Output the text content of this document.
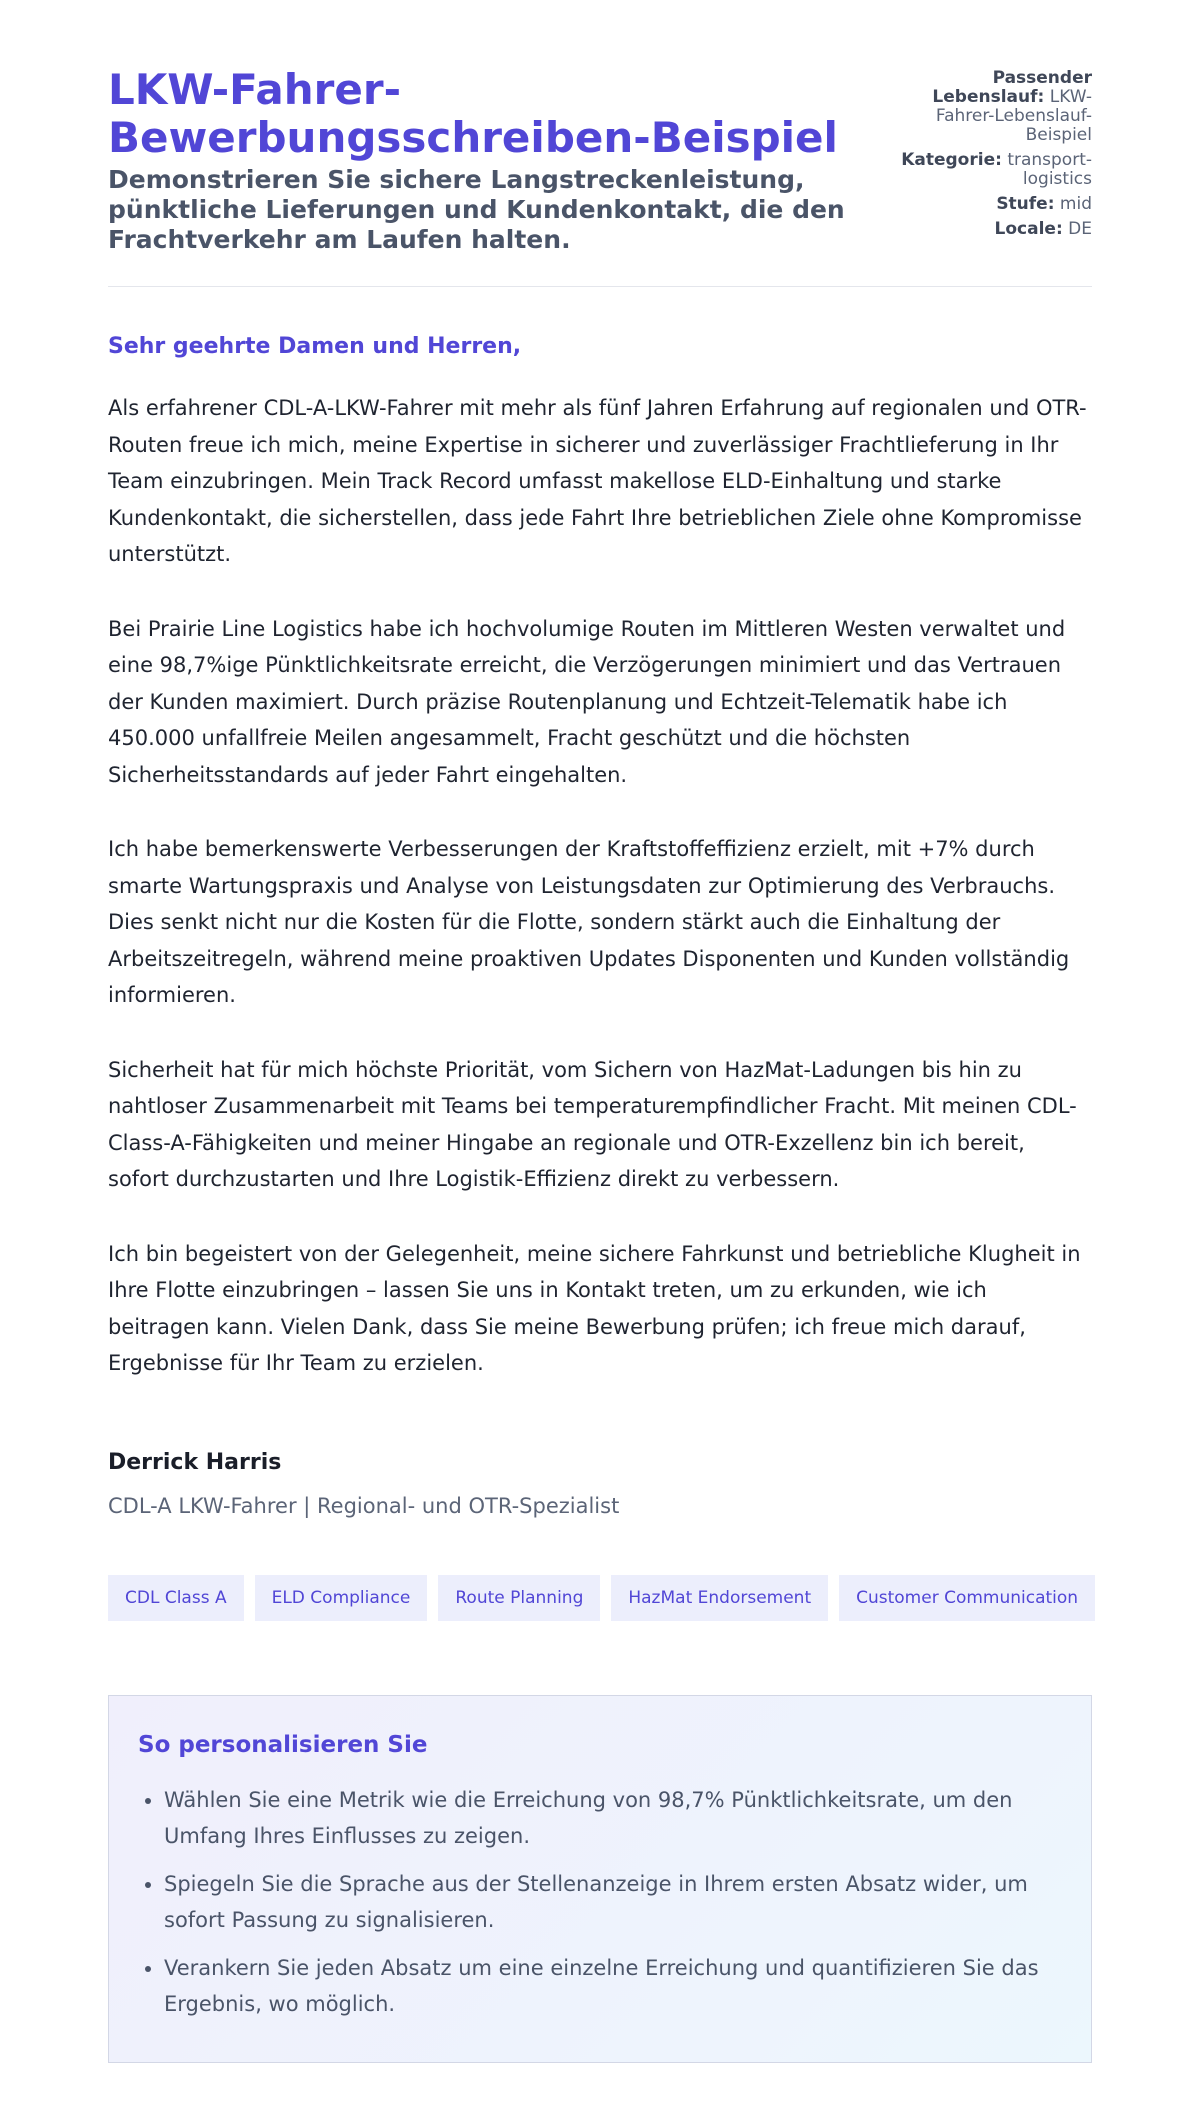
LKW-Fahrer-Bewerbungsschreiben-Beispiel
Demonstrieren Sie sichere Langstreckenleistung, pünktliche Lieferungen und Kundenkontakt, die den Frachtverkehr am Laufen halten.
Passender Lebenslauf: LKW-Fahrer-Lebenslauf-Beispiel
Kategorie: transport-logistics
Stufe: mid
Locale: DE

Sehr geehrte Damen und Herren,

Als erfahrener CDL-A-LKW-Fahrer mit mehr als fünf Jahren Erfahrung auf regionalen und OTR-Routen freue ich mich, meine Expertise in sicherer und zuverlässiger Frachtlieferung in Ihr Team einzubringen. Mein Track Record umfasst makellose ELD-Einhaltung und starke Kundenkontakt, die sicherstellen, dass jede Fahrt Ihre betrieblichen Ziele ohne Kompromisse unterstützt.

Bei Prairie Line Logistics habe ich hochvolumige Routen im Mittleren Westen verwaltet und eine 98,7%ige Pünktlichkeitsrate erreicht, die Verzögerungen minimiert und das Vertrauen der Kunden maximiert. Durch präzise Routenplanung und Echtzeit-Telematik habe ich 450.000 unfallfreie Meilen angesammelt, Fracht geschützt und die höchsten Sicherheitsstandards auf jeder Fahrt eingehalten.

Ich habe bemerkenswerte Verbesserungen der Kraftstoffeffizienz erzielt, mit +7% durch smarte Wartungspraxis und Analyse von Leistungsdaten zur Optimierung des Verbrauchs. Dies senkt nicht nur die Kosten für die Flotte, sondern stärkt auch die Einhaltung der Arbeitszeitregeln, während meine proaktiven Updates Disponenten und Kunden vollständig informieren.

Sicherheit hat für mich höchste Priorität, vom Sichern von HazMat-Ladungen bis hin zu nahtloser Zusammenarbeit mit Teams bei temperaturempfindlicher Fracht. Mit meinen CDL-Class-A-Fähigkeiten und meiner Hingabe an regionale und OTR-Exzellenz bin ich bereit, sofort durchzustarten und Ihre Logistik-Effizienz direkt zu verbessern.

Ich bin begeistert von der Gelegenheit, meine sichere Fahrkunst und betriebliche Klugheit in Ihre Flotte einzubringen – lassen Sie uns in Kontakt treten, um zu erkunden, wie ich beitragen kann. Vielen Dank, dass Sie meine Bewerbung prüfen; ich freue mich darauf, Ergebnisse für Ihr Team zu erzielen.

Derrick Harris
CDL-A LKW-Fahrer | Regional- und OTR-Spezialist
CDL Class A	ELD Compliance	Route Planning	HazMat Endorsement	Customer Communication
So personalisieren Sie
• Wählen Sie eine Metrik wie die Erreichung von 98,7% Pünktlichkeitsrate, um den Umfang Ihres Einflusses zu zeigen.
• Spiegeln Sie die Sprache aus der Stellenanzeige in Ihrem ersten Absatz wider, um sofort Passung zu signalisieren.
• Verankern Sie jeden Absatz um eine einzelne Erreichung und quantifizieren Sie das Ergebnis, wo möglich.
